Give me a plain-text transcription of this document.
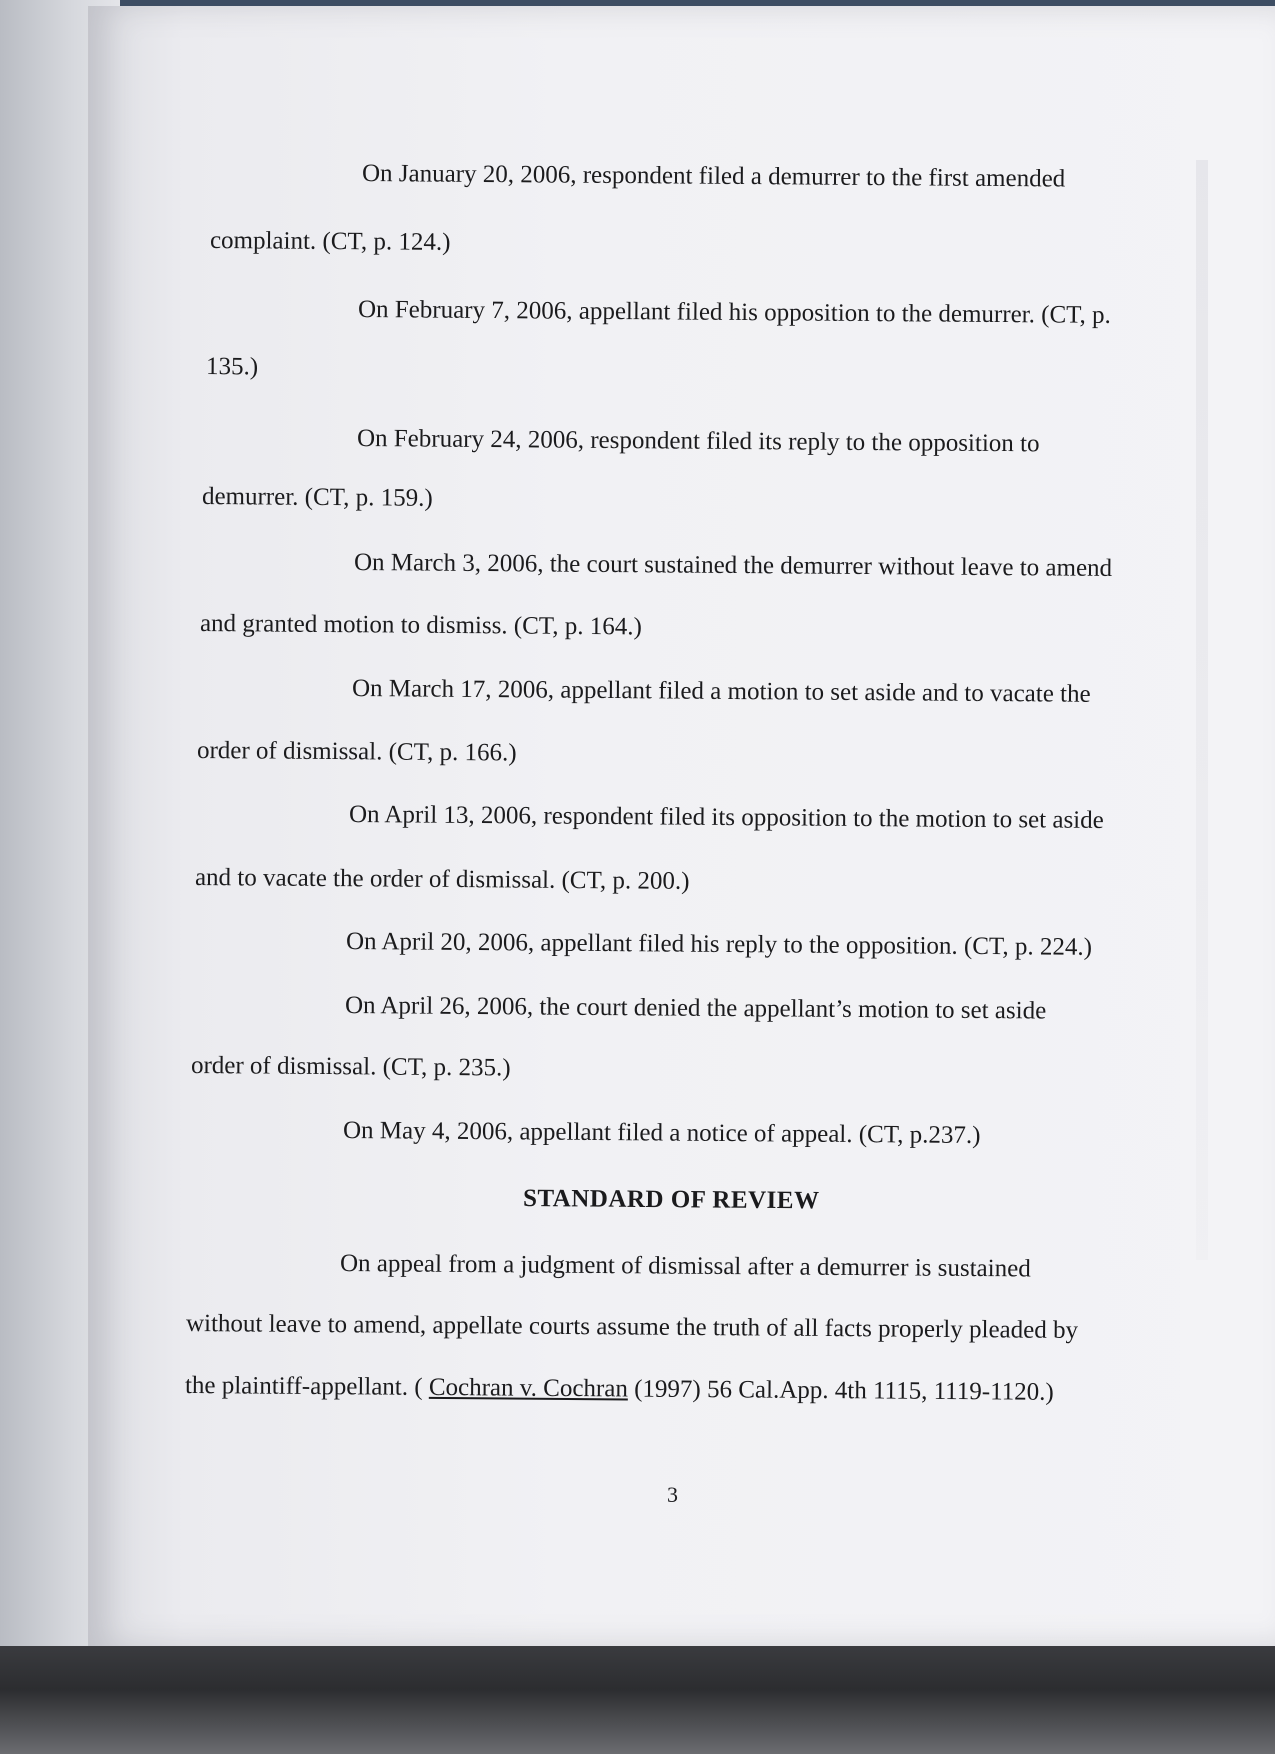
On January 20, 2006, respondent filed a demurrer to the first amended
complaint. (CT, p. 124.)
On February 7, 2006, appellant filed his opposition to the demurrer. (CT, p.
135.)
On February 24, 2006, respondent filed its reply to the opposition to
demurrer. (CT, p. 159.)
On March 3, 2006, the court sustained the demurrer without leave to amend
and granted motion to dismiss. (CT, p. 164.)
On March 17, 2006, appellant filed a motion to set aside and to vacate the
order of dismissal. (CT, p. 166.)
On April 13, 2006, respondent filed its opposition to the motion to set aside
and to vacate the order of dismissal. (CT, p. 200.)
On April 20, 2006, appellant filed his reply to the opposition. (CT, p. 224.)
On April 26, 2006, the court denied the appellant’s motion to set aside
order of dismissal. (CT, p. 235.)
On May 4, 2006, appellant filed a notice of appeal. (CT, p.237.)
STANDARD OF REVIEW
On appeal from a judgment of dismissal after a demurrer is sustained
without leave to amend, appellate courts assume the truth of all facts properly pleaded by
the plaintiff-appellant. ( Cochran v. Cochran (1997) 56 Cal.App. 4th 1115, 1119-1120.)
3
